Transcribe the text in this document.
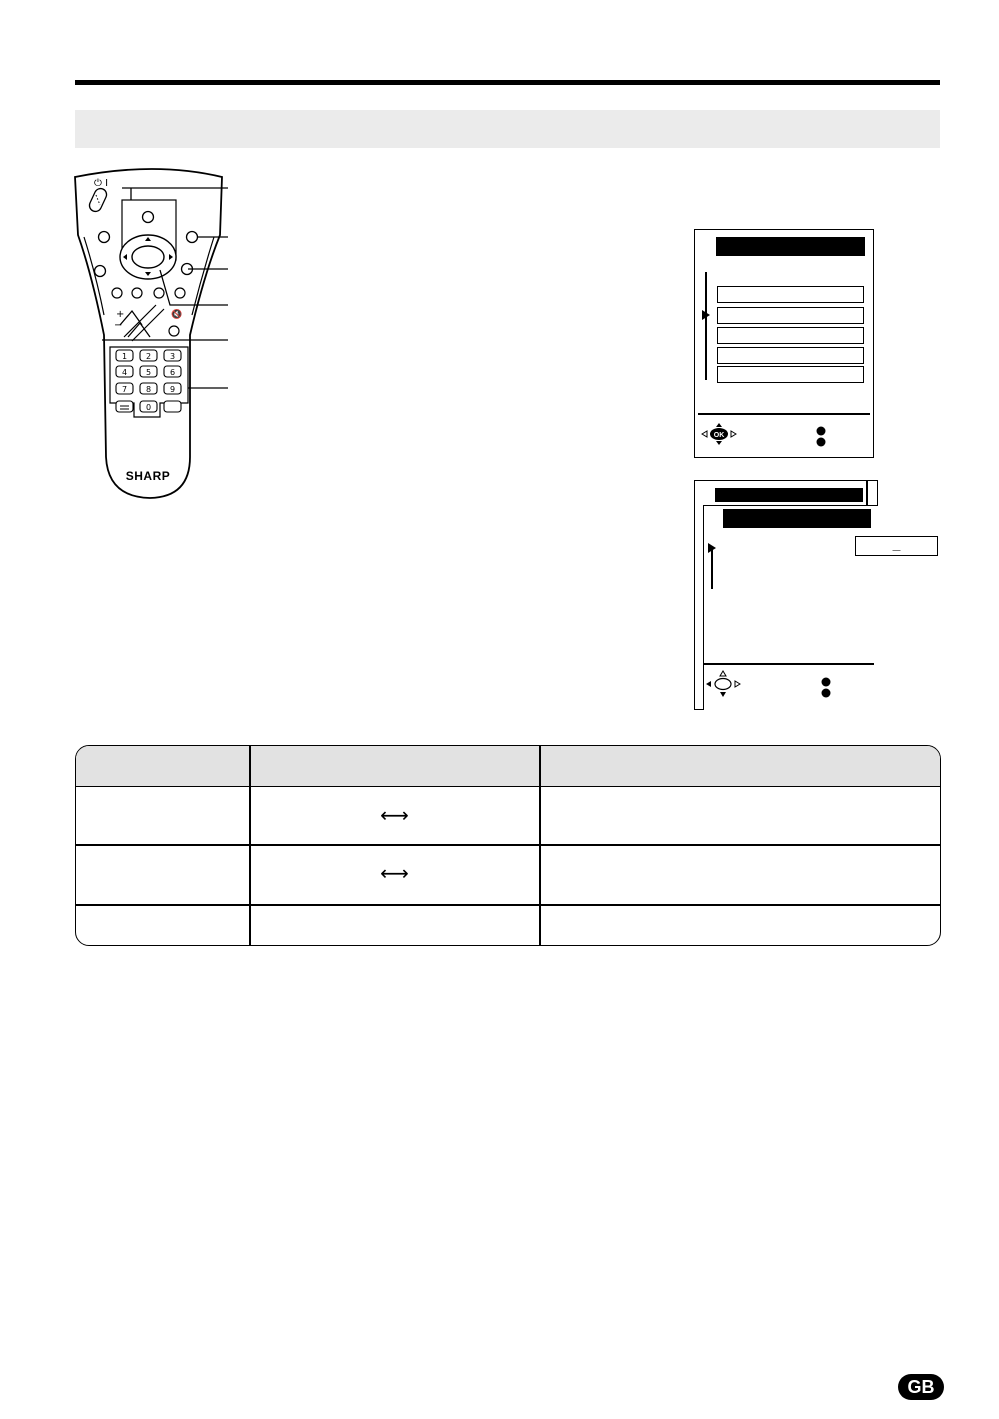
⏻ I
+
−
🔇
1 2 3
4 5 6
7 8 9
0
SHARP
OK
_
⟷
⟷
GB
